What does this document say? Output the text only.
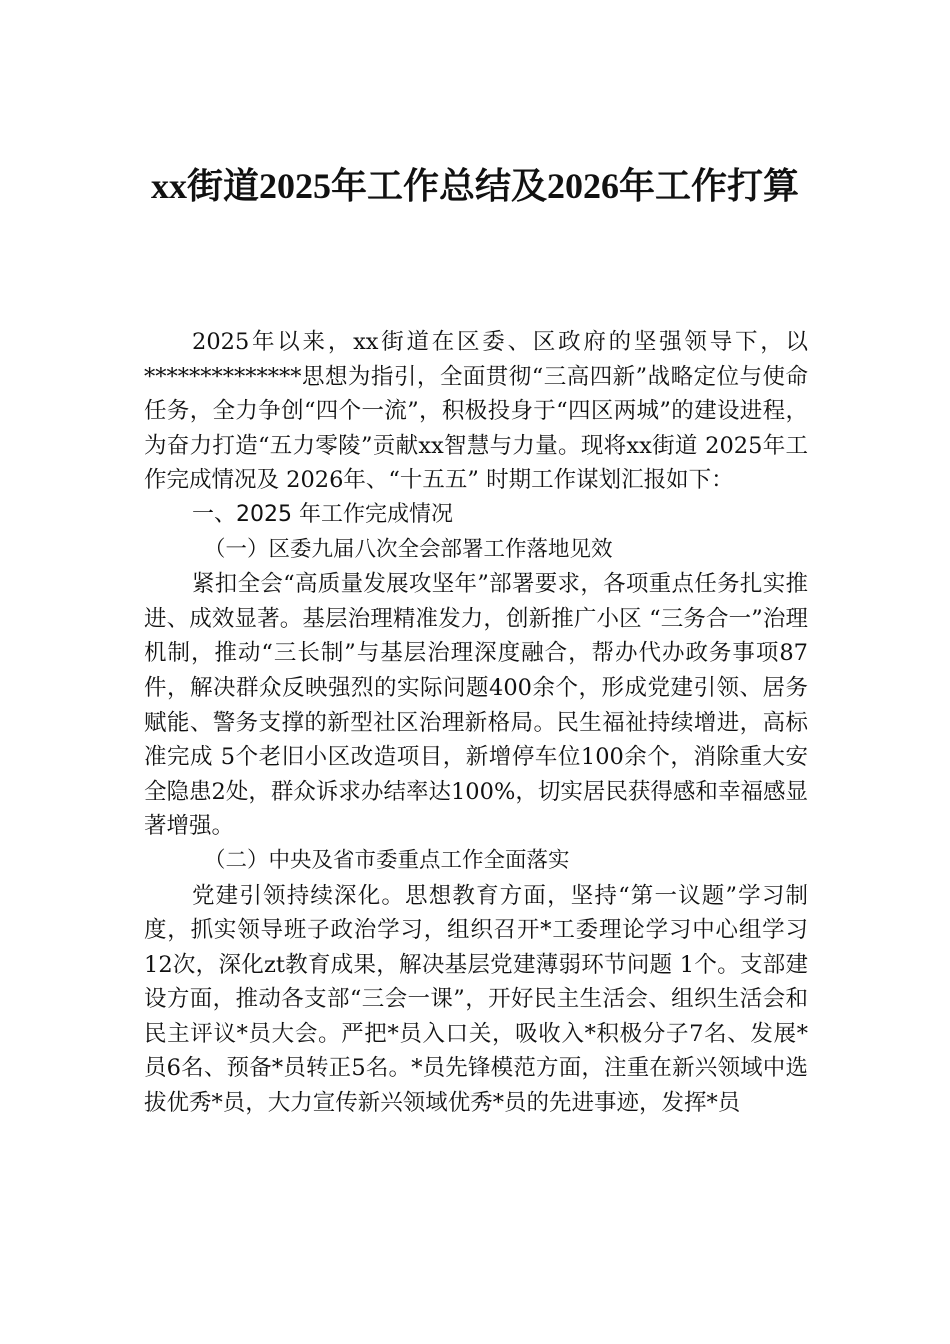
xx街道2025年工作总结及2026年工作打算

2025年以来，xx街道在区委、区政府的坚强领导下，以**************思想为指引，全面贯彻“三高四新”战略定位与使命任务，全力争创“四个一流”，积极投身于“四区两城”的建设进程，为奋力打造“五力零陵”贡献xx智慧与力量。现将xx街道 2025年工作完成情况及 2026年、“十五五” 时期工作谋划汇报如下：

一、2025 年工作完成情况

（一）区委九届八次全会部署工作落地见效

紧扣全会“高质量发展攻坚年”部署要求，各项重点任务扎实推进、成效显著。基层治理精准发力，创新推广小区 “三务合一”治理机制，推动“三长制”与基层治理深度融合，帮办代办政务事项87件，解决群众反映强烈的实际问题400余个，形成党建引领、居务赋能、警务支撑的新型社区治理新格局。民生福祉持续增进，高标准完成 5个老旧小区改造项目，新增停车位100余个，消除重大安全隐患2处，群众诉求办结率达100%，切实居民获得感和幸福感显著增强。

（二）中央及省市委重点工作全面落实

党建引领持续深化。思想教育方面，坚持“第一议题”学习制度，抓实领导班子政治学习，组织召开*工委理论学习中心组学习12次，深化zt教育成果，解决基层党建薄弱环节问题 1个。支部建设方面，推动各支部“三会一课”，开好民主生活会、组织生活会和民主评议*员大会。严把*员入口关，吸收入*积极分子7名、发展*员6名、预备*员转正5名。*员先锋模范方面，注重在新兴领域中选拔优秀*员，大力宣传新兴领域优秀*员的先进事迹，发挥*员
